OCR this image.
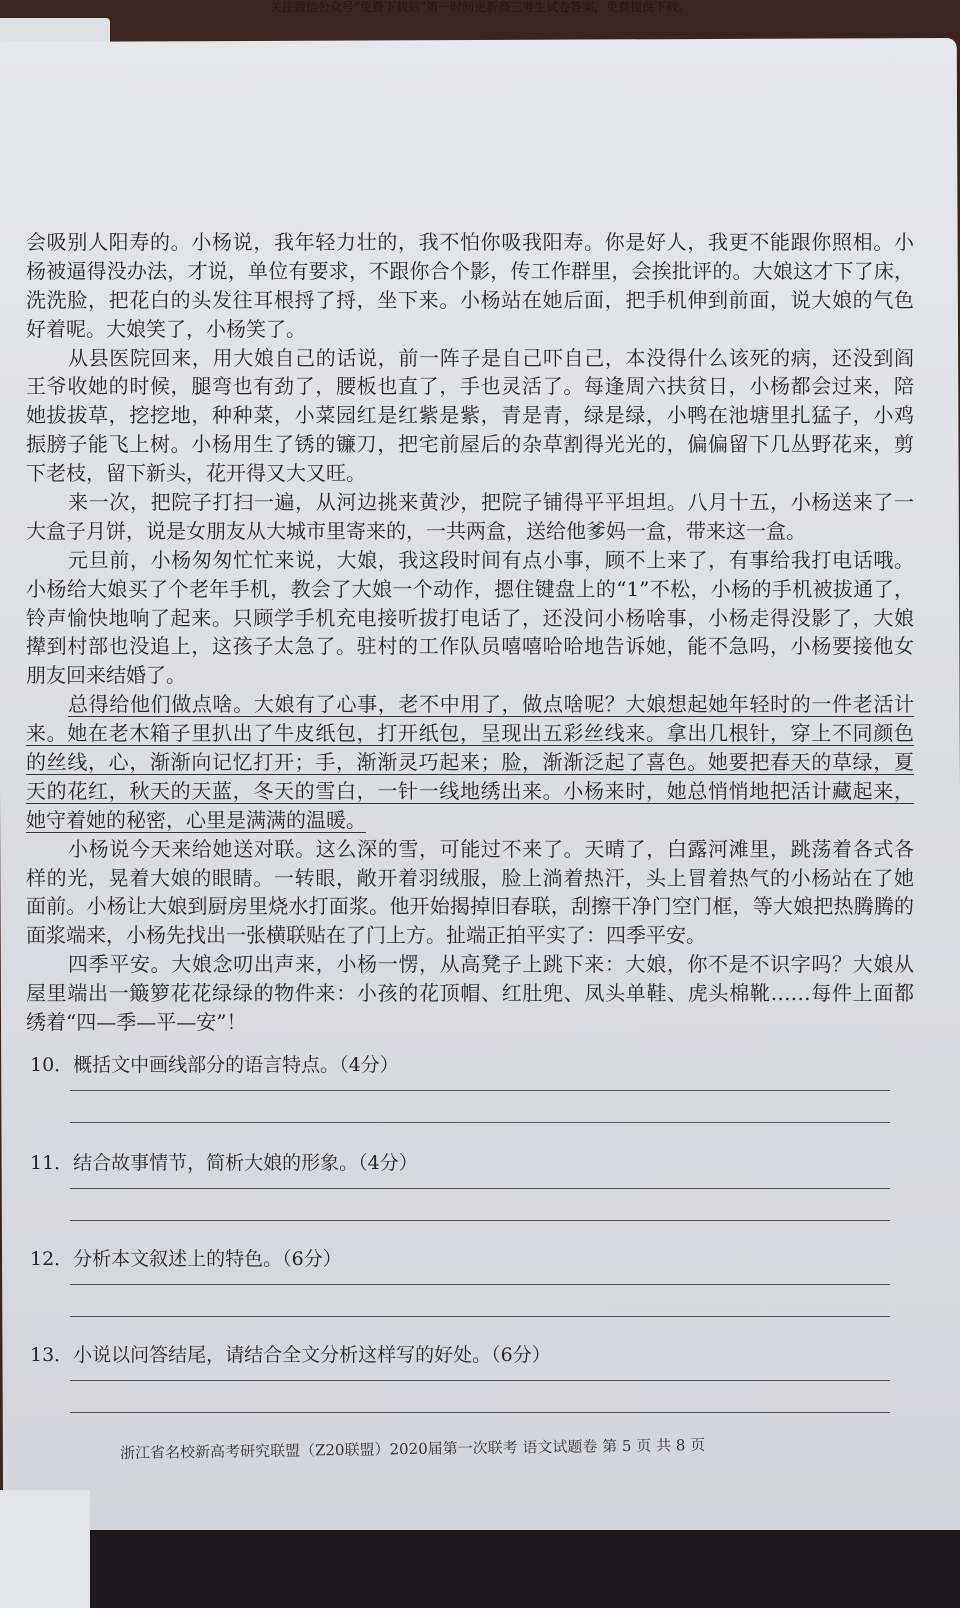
关注微信公众号“免费下载站”第一时间更新高三考生试卷答案，免费提供下载。
会吸别人阳寿的。小杨说，我年轻力壮的，我不怕你吸我阳寿。你是好人，我更不能跟你照相。小
杨被逼得没办法，才说，单位有要求，不跟你合个影，传工作群里，会挨批评的。大娘这才下了床，
洗洗脸，把花白的头发往耳根捋了捋，坐下来。小杨站在她后面，把手机伸到前面，说大娘的气色
好着呢。大娘笑了，小杨笑了。
从县医院回来，用大娘自己的话说，前一阵子是自己吓自己，本没得什么该死的病，还没到阎
王爷收她的时候，腿弯也有劲了，腰板也直了，手也灵活了。每逢周六扶贫日，小杨都会过来，陪
她拔拔草，挖挖地，种种菜，小菜园红是红紫是紫，青是青，绿是绿，小鸭在池塘里扎猛子，小鸡
振膀子能飞上树。小杨用生了锈的镰刀，把宅前屋后的杂草割得光光的，偏偏留下几丛野花来，剪
下老枝，留下新头，花开得又大又旺。
来一次，把院子打扫一遍，从河边挑来黄沙，把院子铺得平平坦坦。八月十五，小杨送来了一
大盒子月饼，说是女朋友从大城市里寄来的，一共两盒，送给他爹妈一盒，带来这一盒。
元旦前，小杨匆匆忙忙来说，大娘，我这段时间有点小事，顾不上来了，有事给我打电话哦。
小杨给大娘买了个老年手机，教会了大娘一个动作，摁住键盘上的“1”不松，小杨的手机被拔通了，
铃声愉快地响了起来。只顾学手机充电接听拔打电话了，还没问小杨啥事，小杨走得没影了，大娘
撵到村部也没追上，这孩子太急了。驻村的工作队员嘻嘻哈哈地告诉她，能不急吗，小杨要接他女
朋友回来结婚了。
总得给他们做点啥。大娘有了心事，老不中用了，做点啥呢？大娘想起她年轻时的一件老活计
来。她在老木箱子里扒出了牛皮纸包，打开纸包，呈现出五彩丝线来。拿出几根针，穿上不同颜色
的丝线，心，渐渐向记忆打开；手，渐渐灵巧起来；脸，渐渐泛起了喜色。她要把春天的草绿，夏
天的花红，秋天的天蓝，冬天的雪白，一针一线地绣出来。小杨来时，她总悄悄地把活计藏起来，
她守着她的秘密，心里是满满的温暖。
小杨说今天来给她送对联。这么深的雪，可能过不来了。天晴了，白露河滩里，跳荡着各式各
样的光，晃着大娘的眼睛。一转眼，敞开着羽绒服，脸上淌着热汗，头上冒着热气的小杨站在了她
面前。小杨让大娘到厨房里烧水打面浆。他开始揭掉旧春联，刮擦干净门空门框，等大娘把热腾腾的
面浆端来，小杨先找出一张横联贴在了门上方。扯端正拍平实了：四季平安。
四季平安。大娘念叨出声来，小杨一愣，从高凳子上跳下来：大娘，你不是不识字吗？大娘从
屋里端出一簸箩花花绿绿的物件来：小孩的花顶帽、红肚兜、凤头单鞋、虎头棉靴……每件上面都
绣着“四—季—平—安”！
10．概括文中画线部分的语言特点。（4分）
11．结合故事情节，简析大娘的形象。（4分）
12．分析本文叙述上的特色。（6分）
13．小说以问答结尾，请结合全文分析这样写的好处。（6分）
浙江省名校新高考研究联盟（Z20联盟）2020届第一次联考 语文试题卷 第 5 页 共 8 页
